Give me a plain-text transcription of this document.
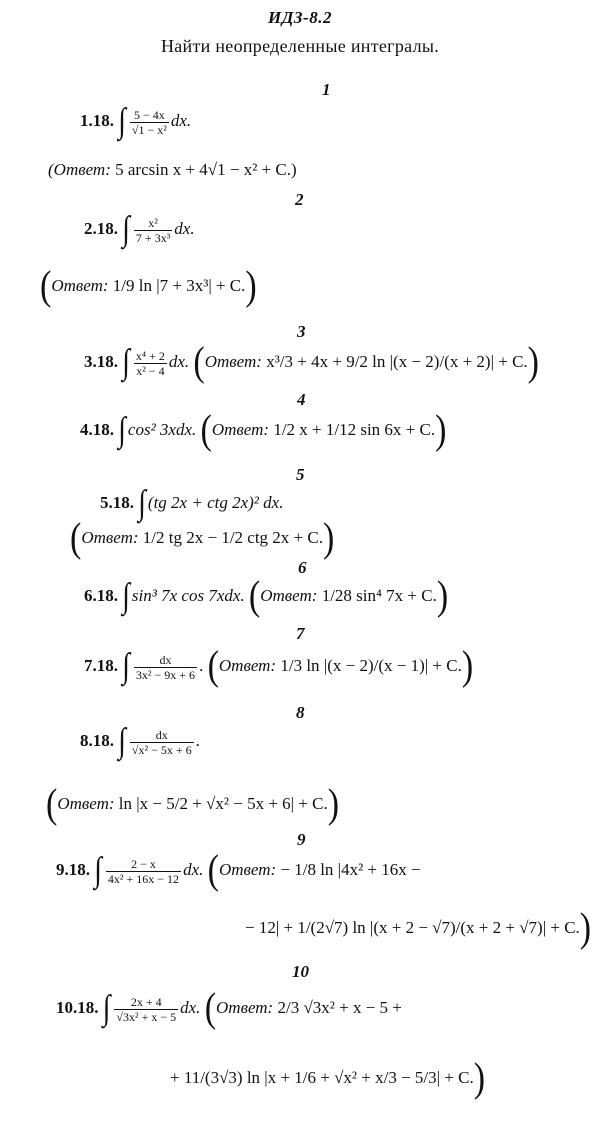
ИДЗ-8.2
Найти неопределенные интегралы.
1
1.18. ∫ $\frac{5 - 4x}{\text{√1 − x²}}$ dx.
(Ответ: 5 arcsin x + 4√1 − x² + C.)
2
2.18. ∫ $\frac{\text{x²}}{\text{7 + 3x³}}$ dx.
(Ответ: 1/9 ln |7 + 3x³| + C.)
3
3.18. ∫ $\frac{\text{x⁴ + 2}}{\text{x² − 4}}$ dx. (Ответ: x³/3 + 4x + 9/2 ln |(x − 2)/(x + 2)| + C.)
4
4.18. ∫ cos² 3xdx. (Ответ: 1/2 x + 1/12 sin 6x + C.)
5
5.18. ∫ (tg 2x + ctg 2x)² dx.
(Ответ: 1/2 tg 2x − 1/2 ctg 2x + C.)
6
6.18. ∫ sin³ 7x cos 7xdx. (Ответ: 1/28 sin⁴ 7x + C.)
7
7.18. ∫ $\frac{dx}{\text{3x² − 9x + 6}}$ . (Ответ: 1/3 ln |(x − 2)/(x − 1)| + C.)
8
8.18. ∫ $\frac{dx}{\text{√x² − 5x + 6}}$ .
(Ответ: ln |x − 5/2 + √x² − 5x + 6| + C.)
9
9.18. ∫ $\frac{2 - x}{\text{4x² + 16x − 12}}$ dx. (Ответ: − 1/8 ln |4x² + 16x −
− 12| + 1/(2√7) ln |(x + 2 − √7)/(x + 2 + √7)| + C.)
10
10.18. ∫ $\frac{2x + 4}{\text{√3x² + x − 5}}$ dx. (Ответ: 2/3 √3x² + x − 5 +
+ 11/(3√3) ln |x + 1/6 + √x² + x/3 − 5/3| + C.)
